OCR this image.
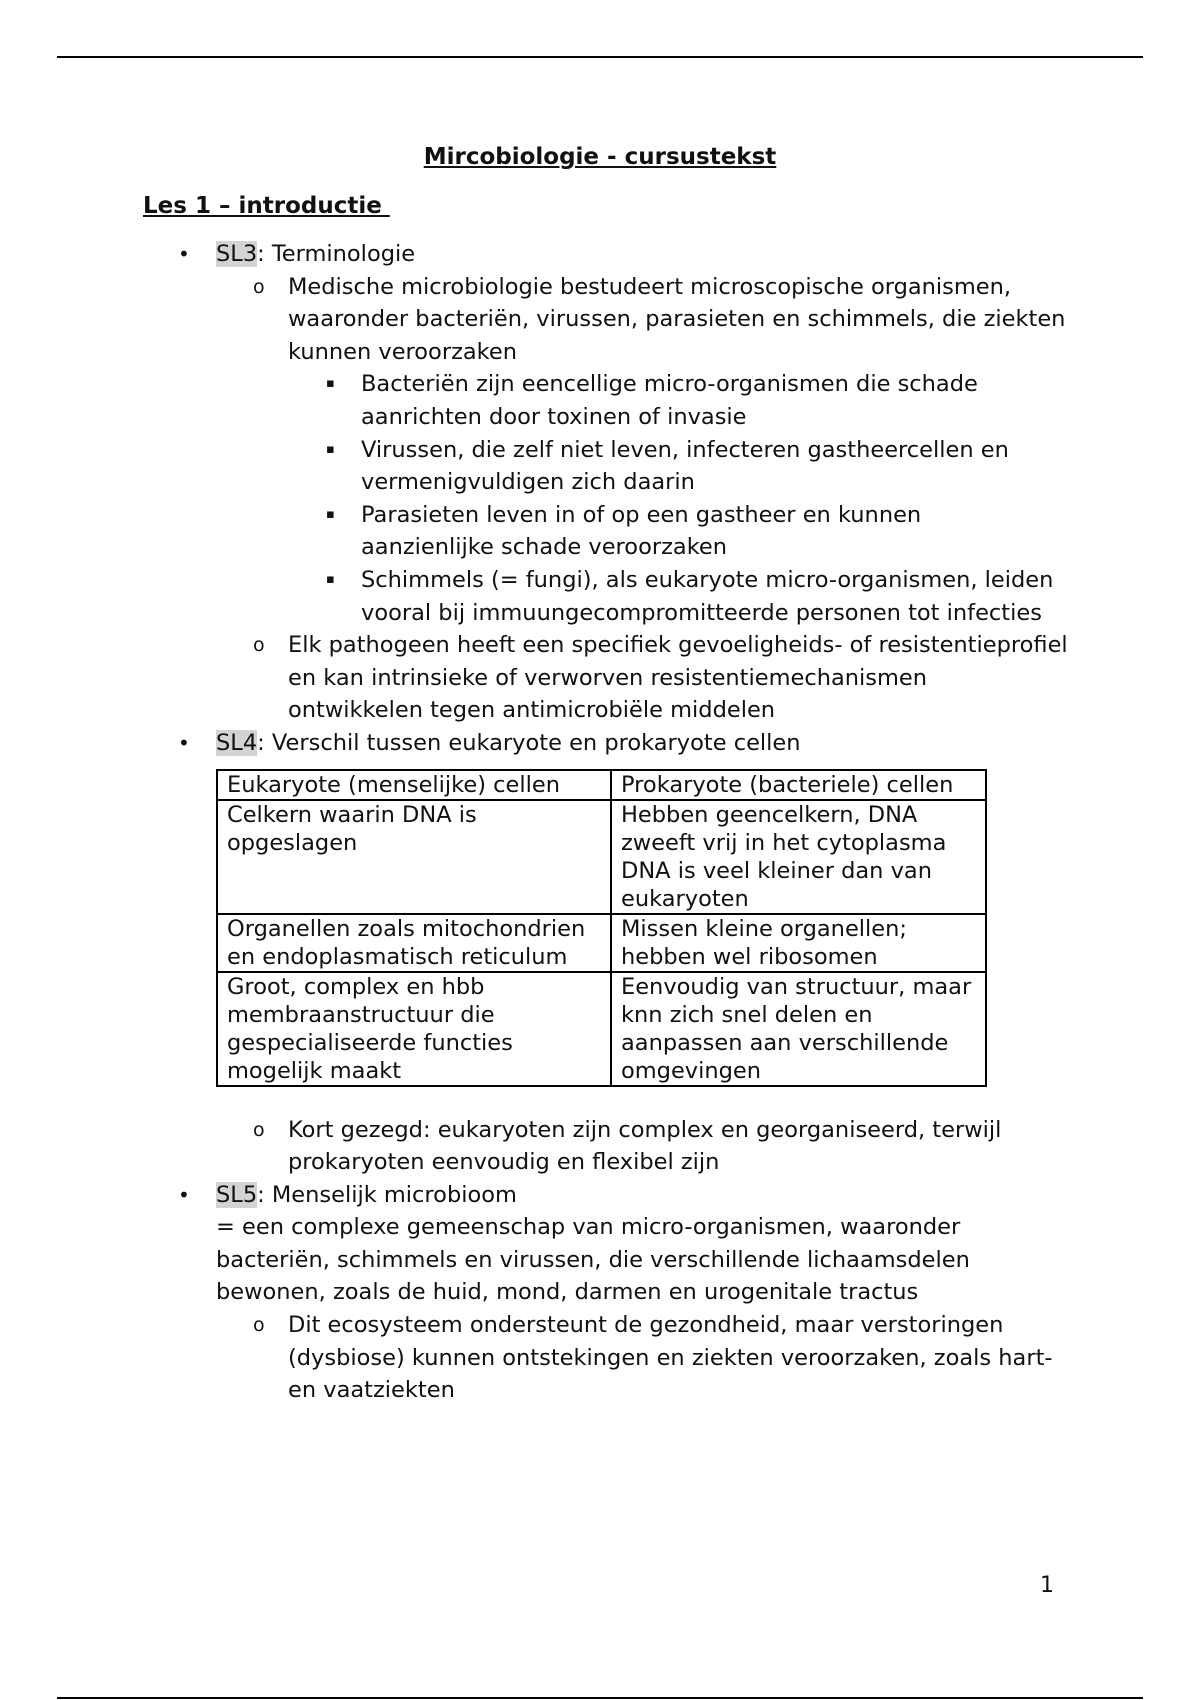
Mircobiologie - cursustekst
Les 1 – introductie
• SL3: Terminologie
o Medische microbiologie bestudeert microscopische organismen, waaronder bacteriën, virussen, parasieten en schimmels, die ziekten kunnen veroorzaken
▪ Bacteriën zijn eencellige micro-organismen die schade aanrichten door toxinen of invasie
▪ Virussen, die zelf niet leven, infecteren gastheercellen en vermenigvuldigen zich daarin
▪ Parasieten leven in of op een gastheer en kunnen aanzienlijke schade veroorzaken
▪ Schimmels (= fungi), als eukaryote micro-organismen, leiden vooral bij immuungecompromitteerde personen tot infecties
o Elk pathogeen heeft een specifiek gevoeligheids- of resistentieprofiel en kan intrinsieke of verworven resistentiemechanismen ontwikkelen tegen antimicrobiële middelen
• SL4: Verschil tussen eukaryote en prokaryote cellen
Eukaryote (menselijke) cellen	Prokaryote (bacteriele) cellen
Celkern waarin DNA is opgeslagen	Hebben geencelkern, DNA zweeft vrij in het cytoplasma DNA is veel kleiner dan van eukaryoten
Organellen zoals mitochondrien en endoplasmatisch reticulum	Missen kleine organellen; hebben wel ribosomen
Groot, complex en hbb membraanstructuur die gespecialiseerde functies mogelijk maakt	Eenvoudig van structuur, maar knn zich snel delen en aanpassen aan verschillende omgevingen
o Kort gezegd: eukaryoten zijn complex en georganiseerd, terwijl prokaryoten eenvoudig en flexibel zijn
• SL5: Menselijk microbioom
= een complexe gemeenschap van micro-organismen, waaronder bacteriën, schimmels en virussen, die verschillende lichaamsdelen bewonen, zoals de huid, mond, darmen en urogenitale tractus
o Dit ecosysteem ondersteunt de gezondheid, maar verstoringen (dysbiose) kunnen ontstekingen en ziekten veroorzaken, zoals hart- en vaatziekten
1
